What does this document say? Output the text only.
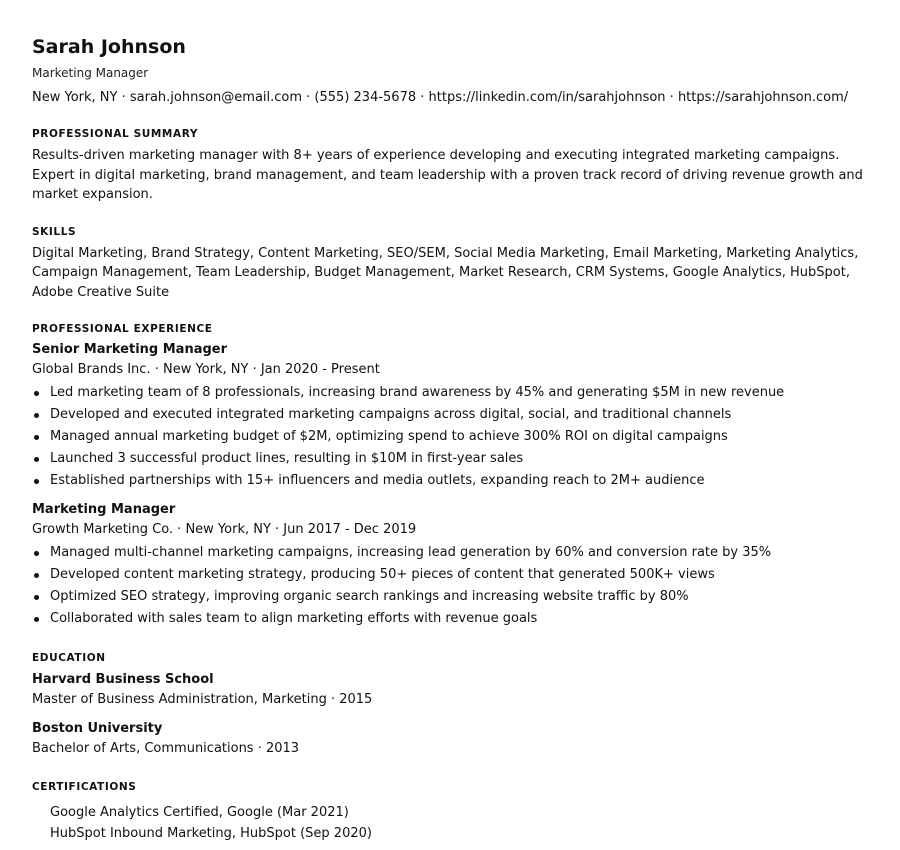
Sarah Johnson
Marketing Manager
New York, NY · sarah.johnson@email.com · (555) 234-5678 · https://linkedin.com/in/sarahjohnson · https://sarahjohnson.com/
PROFESSIONAL SUMMARY
Results-driven marketing manager with 8+ years of experience developing and executing integrated marketing campaigns. Expert in digital marketing, brand management, and team leadership with a proven track record of driving revenue growth and market expansion.
SKILLS
Digital Marketing, Brand Strategy, Content Marketing, SEO/SEM, Social Media Marketing, Email Marketing, Marketing Analytics, Campaign Management, Team Leadership, Budget Management, Market Research, CRM Systems, Google Analytics, HubSpot, Adobe Creative Suite
PROFESSIONAL EXPERIENCE
Senior Marketing Manager
Global Brands Inc. · New York, NY · Jan 2020 - Present
Led marketing team of 8 professionals, increasing brand awareness by 45% and generating $5M in new revenue
Developed and executed integrated marketing campaigns across digital, social, and traditional channels
Managed annual marketing budget of $2M, optimizing spend to achieve 300% ROI on digital campaigns
Launched 3 successful product lines, resulting in $10M in first-year sales
Established partnerships with 15+ influencers and media outlets, expanding reach to 2M+ audience
Marketing Manager
Growth Marketing Co. · New York, NY · Jun 2017 - Dec 2019
Managed multi-channel marketing campaigns, increasing lead generation by 60% and conversion rate by 35%
Developed content marketing strategy, producing 50+ pieces of content that generated 500K+ views
Optimized SEO strategy, improving organic search rankings and increasing website traffic by 80%
Collaborated with sales team to align marketing efforts with revenue goals
EDUCATION
Harvard Business School
Master of Business Administration, Marketing · 2015
Boston University
Bachelor of Arts, Communications · 2013
CERTIFICATIONS
Google Analytics Certified, Google (Mar 2021)
HubSpot Inbound Marketing, HubSpot (Sep 2020)
